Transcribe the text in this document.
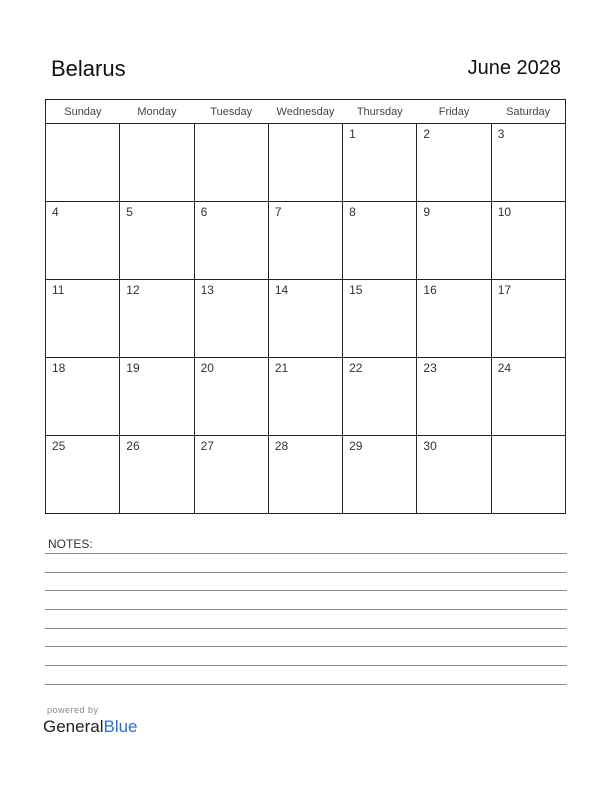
Belarus	June 2028
Sunday	Monday	Tuesday	Wednesday	Thursday	Friday	Saturday

				1	2	3

4	5	6	7	8	9	10

11	12	13	14	15	16	17

18	19	20	21	22	23	24

25	26	27	28	29	30	

NOTES:
powered by
GeneralBlue
